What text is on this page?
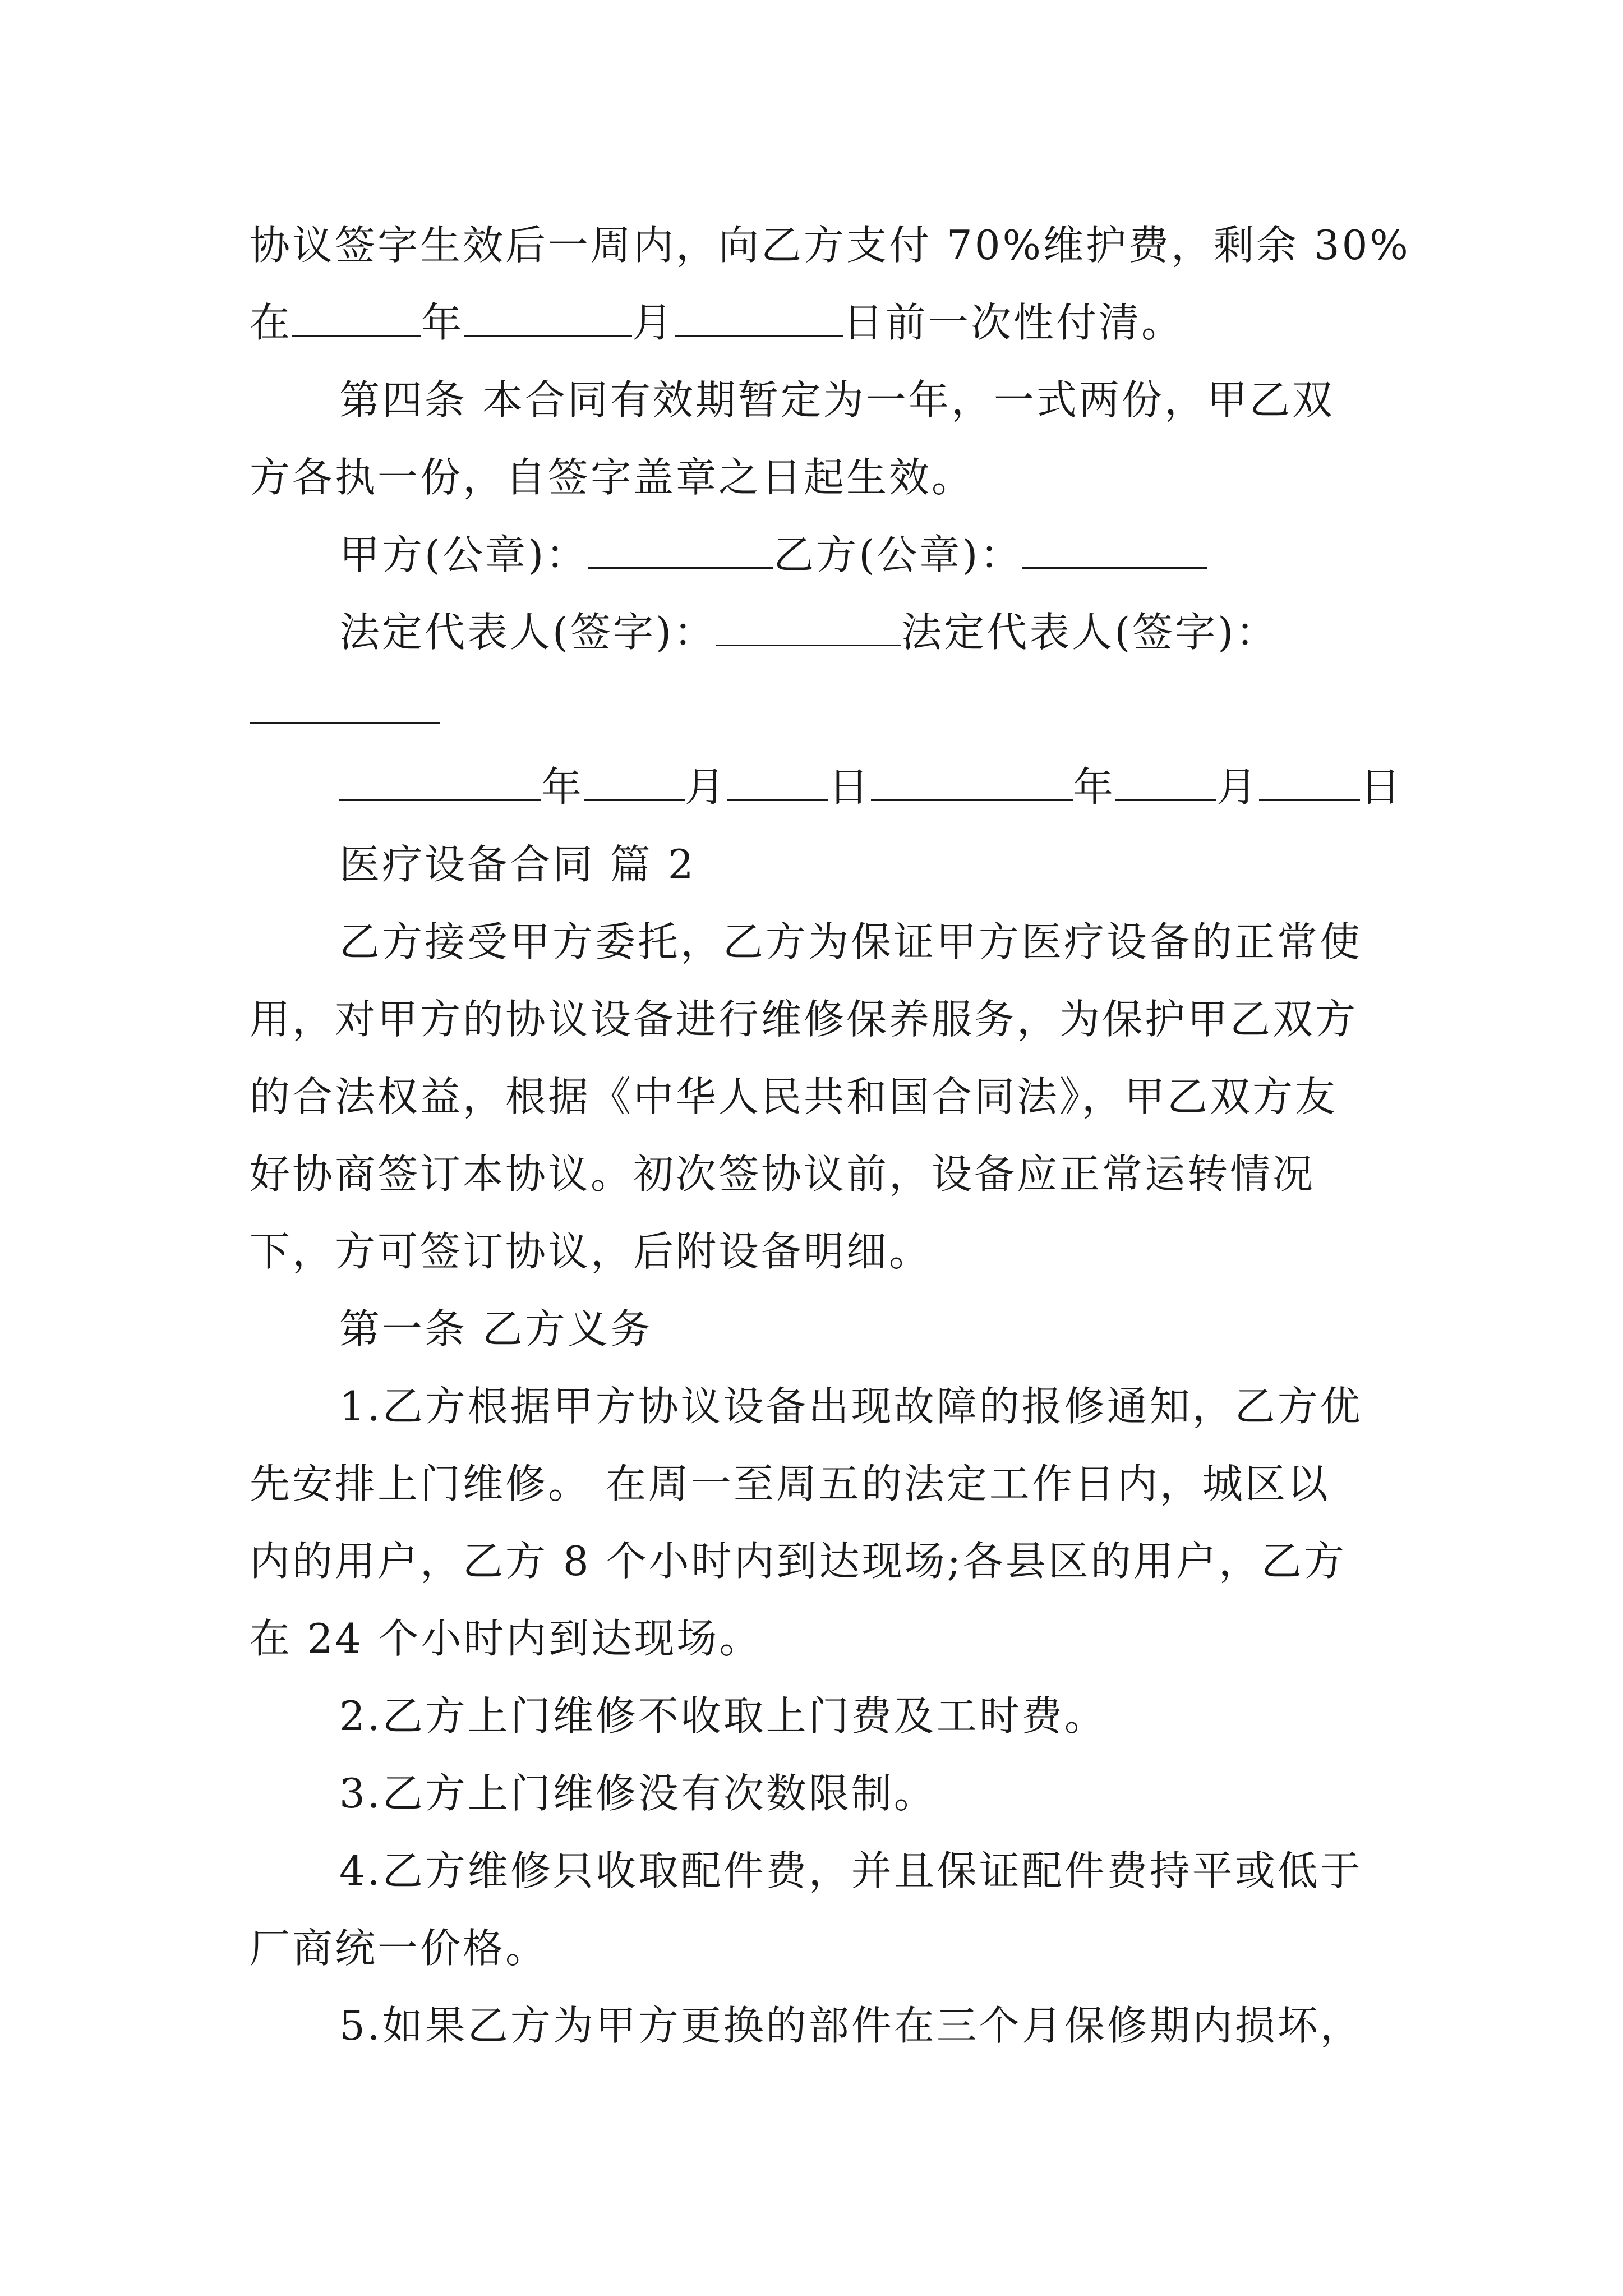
协议签字生效后一周内，向乙方支付 70%维护费，剩余 30%
在	年	月	日前一次性付清。
第四条 本合同有效期暂定为一年，一式两份，甲乙双
方各执一份，自签字盖章之日起生效。
甲方(公章)：	乙方(公章)：
法定代表人(签字)：	法定代表人(签字)：
年	月	日	年	月	日
医疗设备合同 篇 2
乙方接受甲方委托，乙方为保证甲方医疗设备的正常使
用，对甲方的协议设备进行维修保养服务，为保护甲乙双方
的合法权益，根据《中华人民共和国合同法》，甲乙双方友
好协商签订本协议。初次签协议前，设备应正常运转情况
下，方可签订协议，后附设备明细。
第一条 乙方义务
1.乙方根据甲方协议设备出现故障的报修通知，乙方优
先安排上门维修。 在周一至周五的法定工作日内，城区以
内的用户，乙方 8 个小时内到达现场;各县区的用户，乙方
在 24 个小时内到达现场。
2.乙方上门维修不收取上门费及工时费。
3.乙方上门维修没有次数限制。
4.乙方维修只收取配件费，并且保证配件费持平或低于
厂商统一价格。
5.如果乙方为甲方更换的部件在三个月保修期内损坏，
